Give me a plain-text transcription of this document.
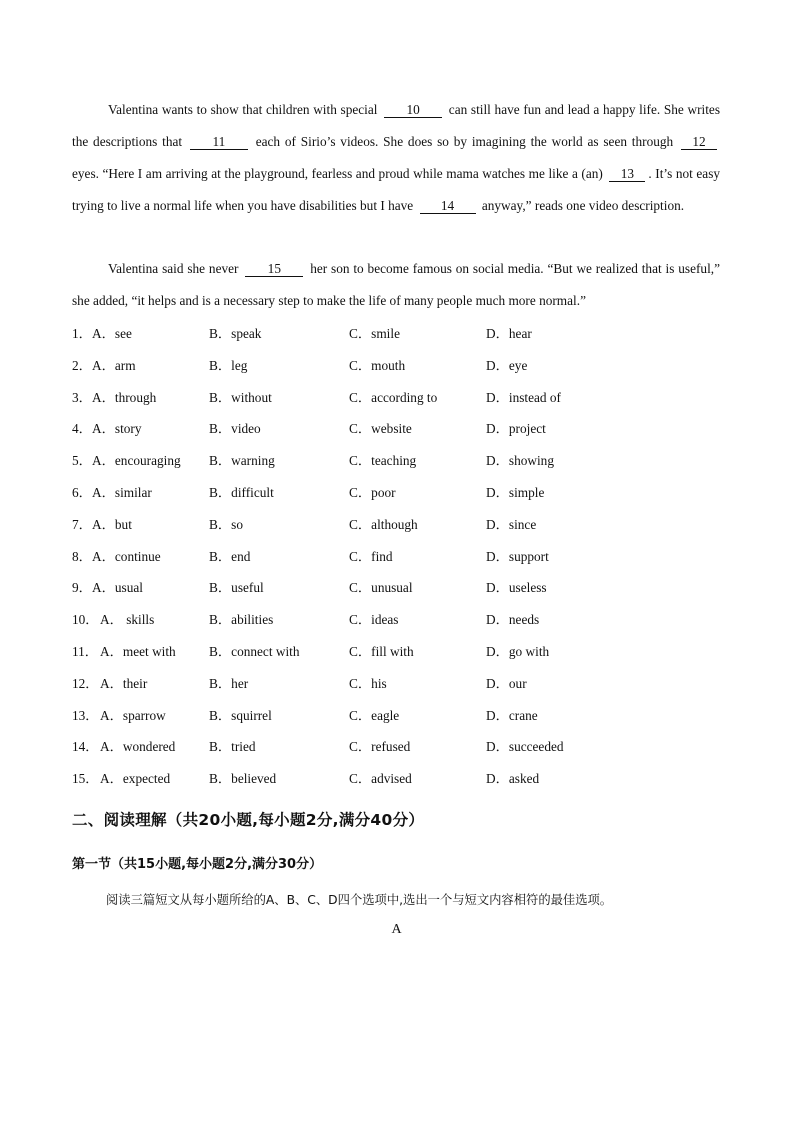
Valentina wants to show that children with special 10 can still have fun and lead a happy life. She writes the descriptions that 11 each of Sirio’s videos. She does so by imagining the world as seen through 12 eyes. “Here I am arriving at the playground, fearless and proud while mama watches me like a (an) 13 . It’s not easy trying to live a normal life when you have disabilities but I have 14 anyway,” reads one video description.
Valentina said she never 15 her son to become famous on social media. “But we realized that is useful,” she added, “it helps and is a necessary step to make the life of many people much more normal.”
1． A．see	B．speak	C．smile	D．hear
2． A．arm	B．leg	C．mouth	D．eye
3． A．through	B．without	C．according to	D．instead of
4． A．story	B．video	C．website	D．project
5． A．encouraging B．warning	C．teaching	D．showing
6． A．similar	B．difficult	C．poor	D．simple
7． A．but	B．so	C．although	D．since
8． A．continue	B．end	C．find	D．support
9． A．usual	B．useful	C．unusual	D．useless
10． A． skills	B．abilities	C．ideas	D．needs
11． A．meet with	B．connect with	C．fill with	D．go with
12． A．their	B．her	C．his	D．our
13． A．sparrow	B．squirrel	C．eagle	D．crane
14． A．wondered	B．tried	C．refused	D．succeeded
15． A．expected	B．believed	C．advised	D．asked
二、阅读理解（共20小题,每小题2分,满分40分）
第一节（共15小题,每小题2分,满分30分）
阅读三篇短文从每小题所给的A、B、C、D四个选项中,选出一个与短文内容相符的最佳选项。
A
